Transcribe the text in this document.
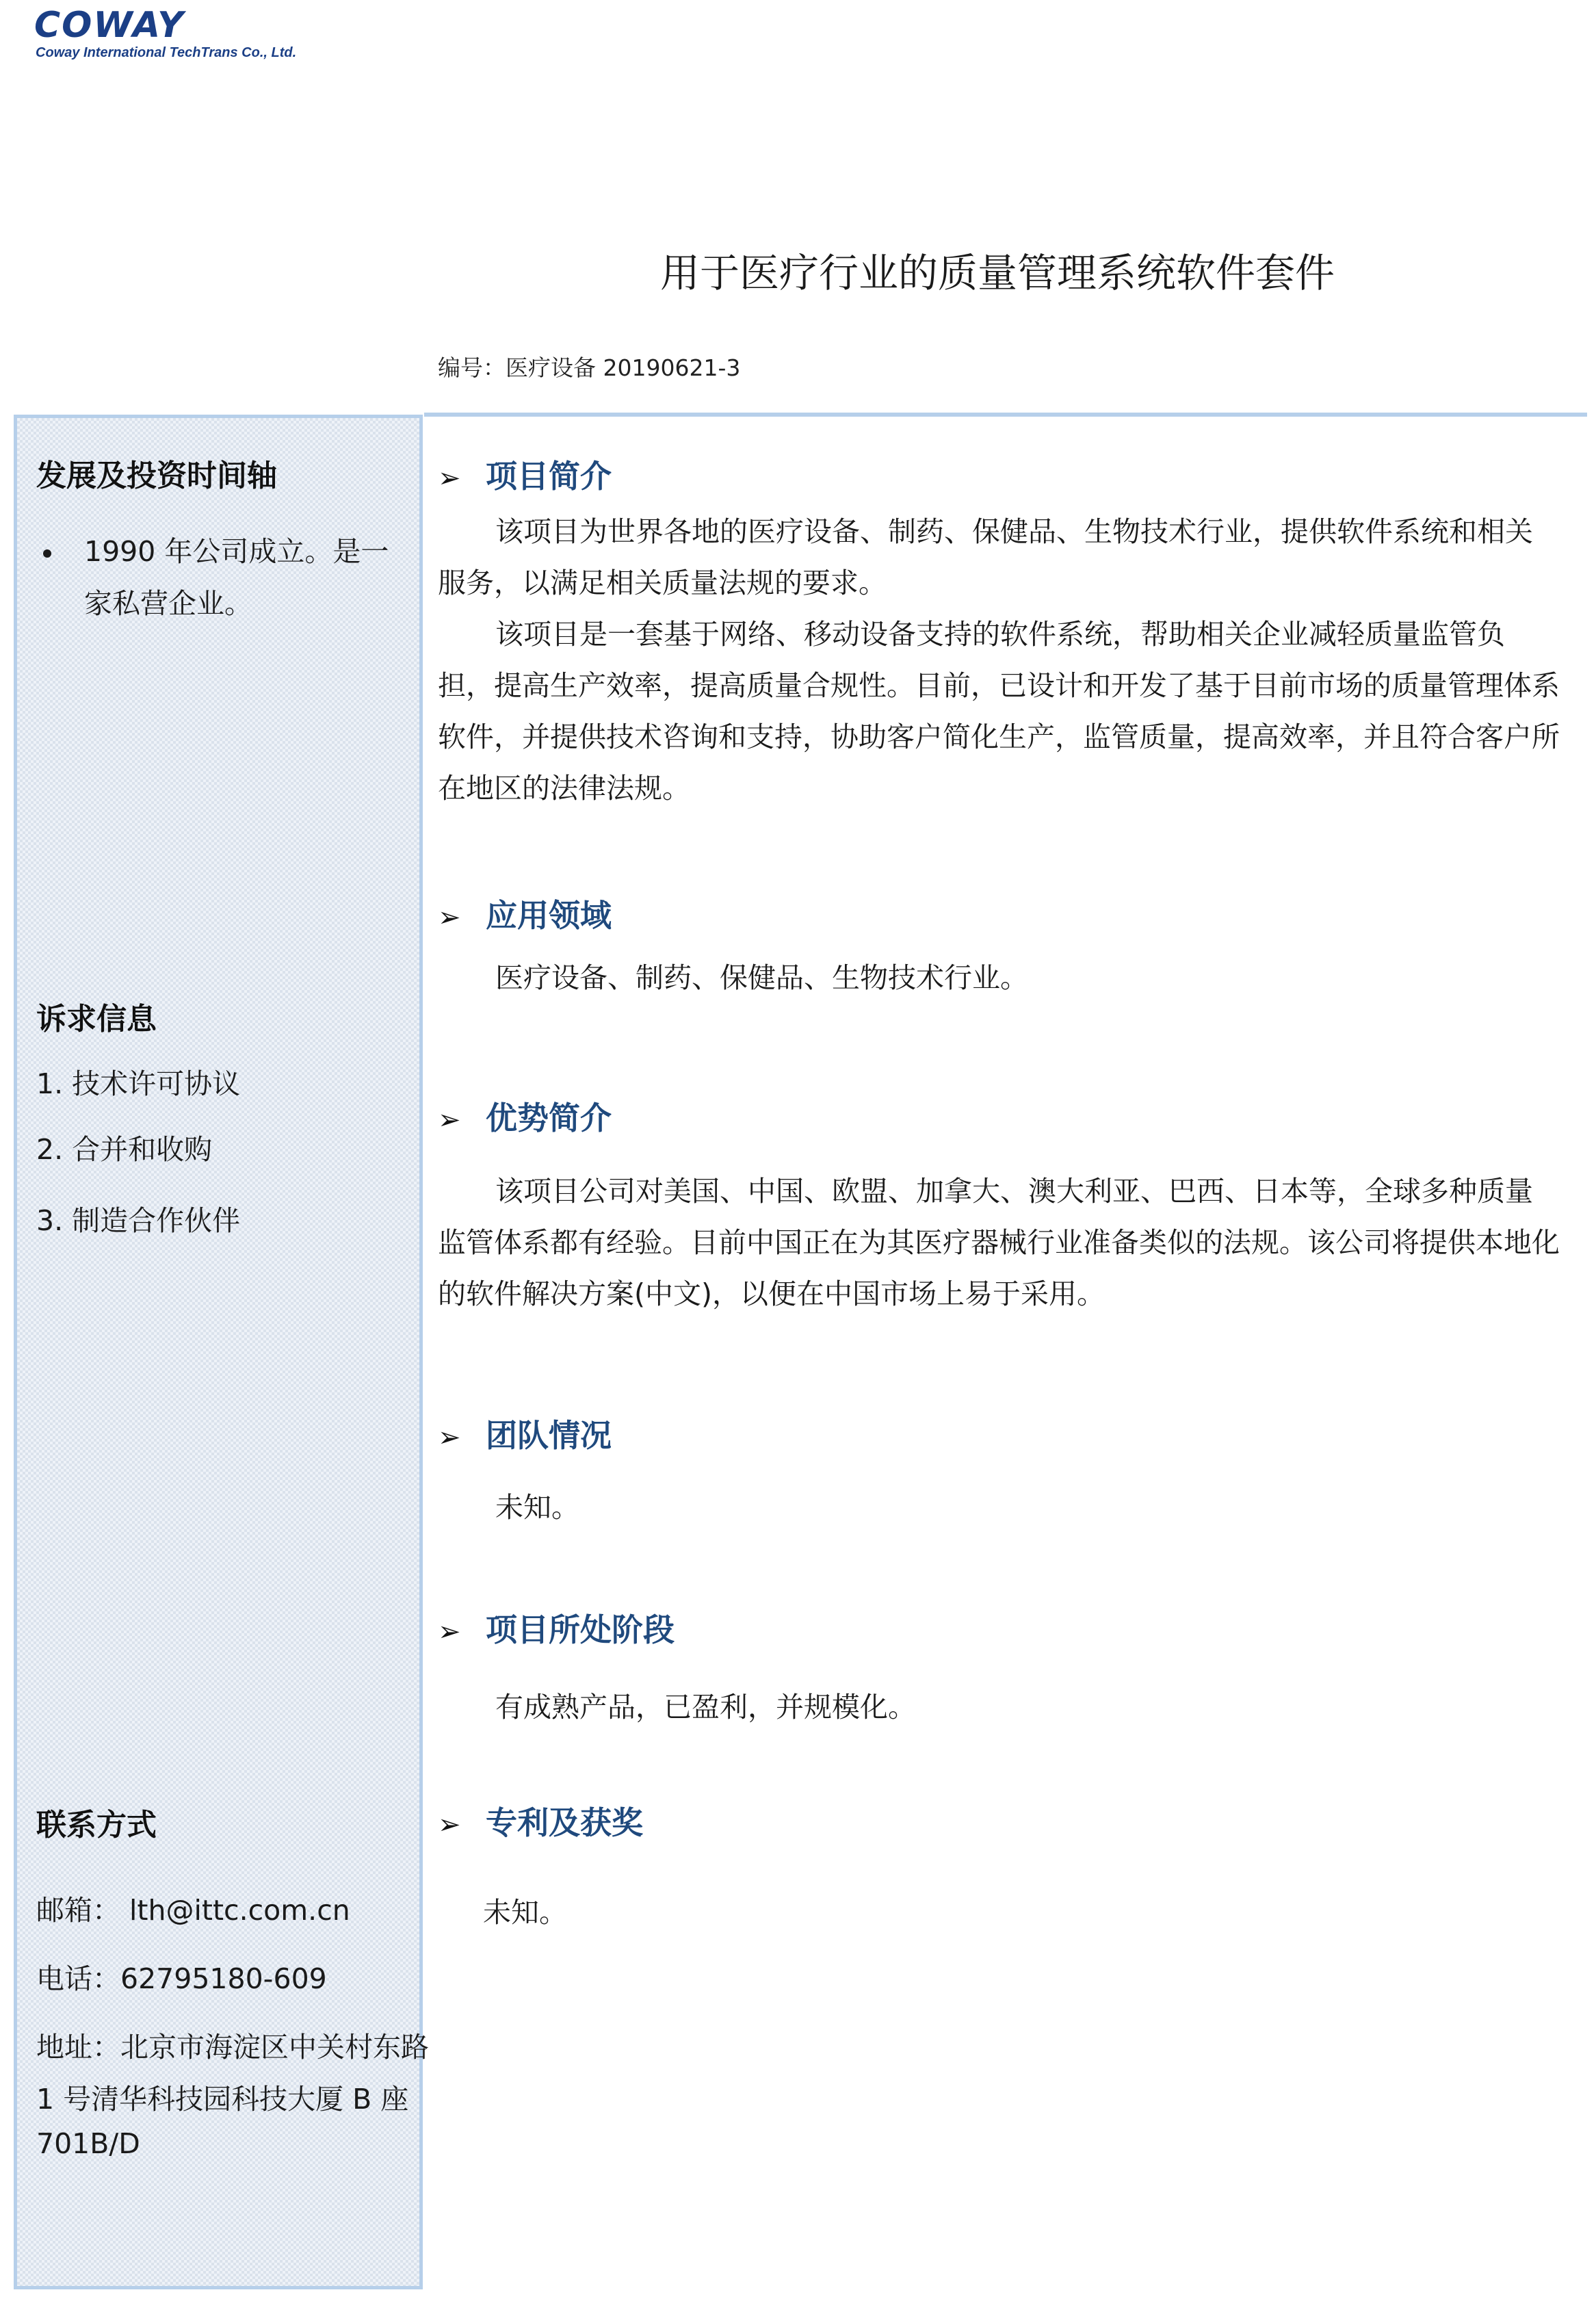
COWAY
Coway International TechTrans Co., Ltd.
用于医疗行业的质量管理系统软件套件
编号：医疗设备 20190621-3
发展及投资时间轴
1990 年公司成立。是一
家私营企业。
诉求信息
1. 技术许可协议
2. 合并和收购
3. 制造合作伙伴
联系方式
邮箱： lth@ittc.com.cn
电话：62795180-609
地址：北京市海淀区中关村东路
1 号清华科技园科技大厦 B 座
701B/D
➢ 项目简介

该项目为世界各地的医疗设备、制药、保健品、生物技术行业，提供软件系统和相关服务，以满足相关质量法规的要求。

该项目是一套基于网络、移动设备支持的软件系统，帮助相关企业减轻质量监管负担，提高生产效率，提高质量合规性。目前，已设计和开发了基于目前市场的质量管理体系软件，并提供技术咨询和支持，协助客户简化生产，监管质量，提高效率，并且符合客户所在地区的法律法规。

➢ 应用领域
医疗设备、制药、保健品、生物技术行业。
➢ 优势简介

该项目公司对美国、中国、欧盟、加拿大、澳大利亚、巴西、日本等，全球多种质量监管体系都有经验。目前中国正在为其医疗器械行业准备类似的法规。该公司将提供本地化的软件解决方案(中文)，以便在中国市场上易于采用。

➢ 团队情况
未知。
➢ 项目所处阶段
有成熟产品，已盈利，并规模化。
➢ 专利及获奖
未知。
